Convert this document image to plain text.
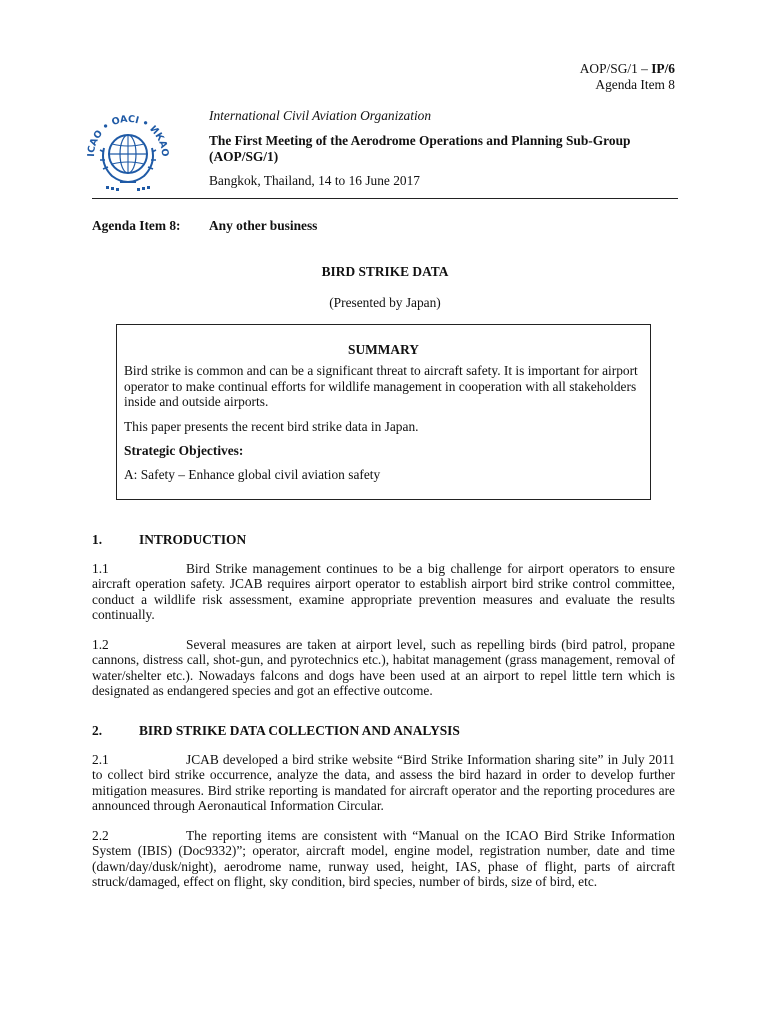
AOP/SG/1 – IP/6
Agenda Item 8
ICAO • OACI • ИКАО
International Civil Aviation Organization
The First Meeting of the Aerodrome Operations and Planning Sub-Group (AOP/SG/1)
Bangkok, Thailand, 14 to 16 June 2017
Agenda Item 8: Any other business
BIRD STRIKE DATA
(Presented by Japan)
SUMMARY

Bird strike is common and can be a significant threat to aircraft safety. It is important for airport operator to make continual efforts for wildlife management in cooperation with all stakeholders inside and outside airports.

This paper presents the recent bird strike data in Japan.

Strategic Objectives:
A: Safety – Enhance global civil aviation safety
1.	INTRODUCTION
1.1	Bird Strike management continues to be a big challenge for airport operators to ensure aircraft operation safety. JCAB requires airport operator to establish airport bird strike control committee, conduct a wildlife risk assessment, examine appropriate prevention measures and evaluate the results continually.
1.2	Several measures are taken at airport level, such as repelling birds (bird patrol, propane cannons, distress call, shot-gun, and pyrotechnics etc.), habitat management (grass management, removal of water/shelter etc.). Nowadays falcons and dogs have been used at an airport to repel little tern which is designated as endangered species and got an effective outcome.
2.	BIRD STRIKE DATA COLLECTION AND ANALYSIS
2.1	JCAB developed a bird strike website “Bird Strike Information sharing site” in July 2011 to collect bird strike occurrence, analyze the data, and assess the bird hazard in order to develop further mitigation measures. Bird strike reporting is mandated for aircraft operator and the reporting procedures are announced through Aeronautical Information Circular.
2.2	The reporting items are consistent with “Manual on the ICAO Bird Strike Information System (IBIS) (Doc9332)”; operator, aircraft model, engine model, registration number, date and time (dawn/day/dusk/night), aerodrome name, runway used, height, IAS, phase of flight, parts of aircraft struck/damaged, effect on flight, sky condition, bird species, number of birds, size of bird, etc.
